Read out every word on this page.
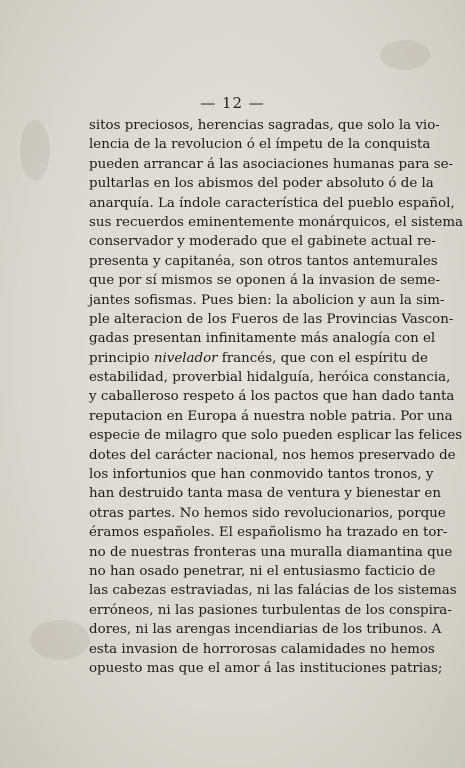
— 12 —
sitos preciosos, herencias sagradas, que solo la vio-
lencia de la revolucion ó el ímpetu de la conquista
pueden arrancar á las asociaciones humanas para se-
pultarlas en los abismos del poder absoluto ó de la
anarquía. La índole característica del pueblo español,
sus recuerdos eminentemente monárquicos, el sistema
conservador y moderado que el gabinete actual re-
presenta y capitanéa, son otros tantos antemurales
que por sí mismos se oponen á la invasion de seme-
jantes sofismas. Pues bien: la abolicion y aun la sim-
ple alteracion de los Fueros de las Provincias Vascon-
gadas presentan infinitamente más analogía con el
principio nivelador francés, que con el espíritu de
estabilidad, proverbial hidalguía, heróica constancia,
y caballeroso respeto á los pactos que han dado tanta
reputacion en Europa á nuestra noble patria. Por una
especie de milagro que solo pueden esplicar las felices
dotes del carácter nacional, nos hemos preservado de
los infortunios que han conmovido tantos tronos, y
han destruido tanta masa de ventura y bienestar en
otras partes. No hemos sido revolucionarios, porque
éramos españoles. El españolismo ha trazado en tor-
no de nuestras fronteras una muralla diamantina que
no han osado penetrar, ni el entusiasmo facticio de
las cabezas estraviadas, ni las falácias de los sistemas
erróneos, ni las pasiones turbulentas de los conspira-
dores, ni las arengas incendiarias de los tribunos. A
esta invasion de horrorosas calamidades no hemos
opuesto mas que el amor á las instituciones patrias;
